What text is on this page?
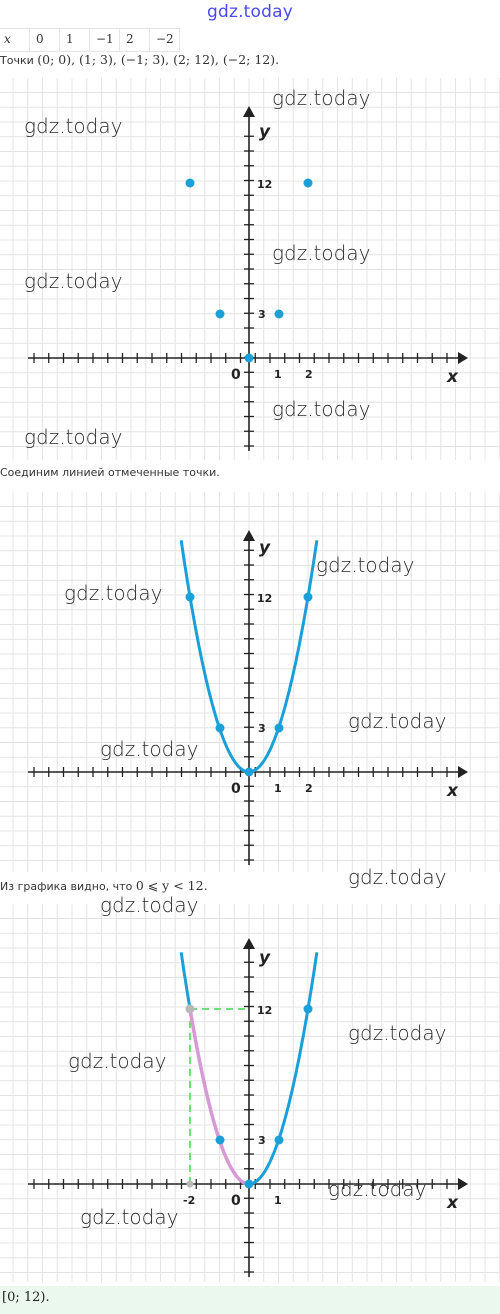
gdz.today
x	0	1	−1	2	−2
Точки (0; 0), (1; 3), (−1; 3), (2; 12), (−2; 12).
y
x
0
12
3
1 2
Соединим линией отмеченные точки.
y
x
0
12
3
1 2
Из графика видно, что 0 ⩽ y < 12.
y
x
0
12
3
1
-2
gdz.today
gdz.today
gdz.today
gdz.today
gdz.today
gdz.today
gdz.today
gdz.today
gdz.today
gdz.today
gdz.today
gdz.today
gdz.today
gdz.today
gdz.today
gdz.today
[0; 12).
